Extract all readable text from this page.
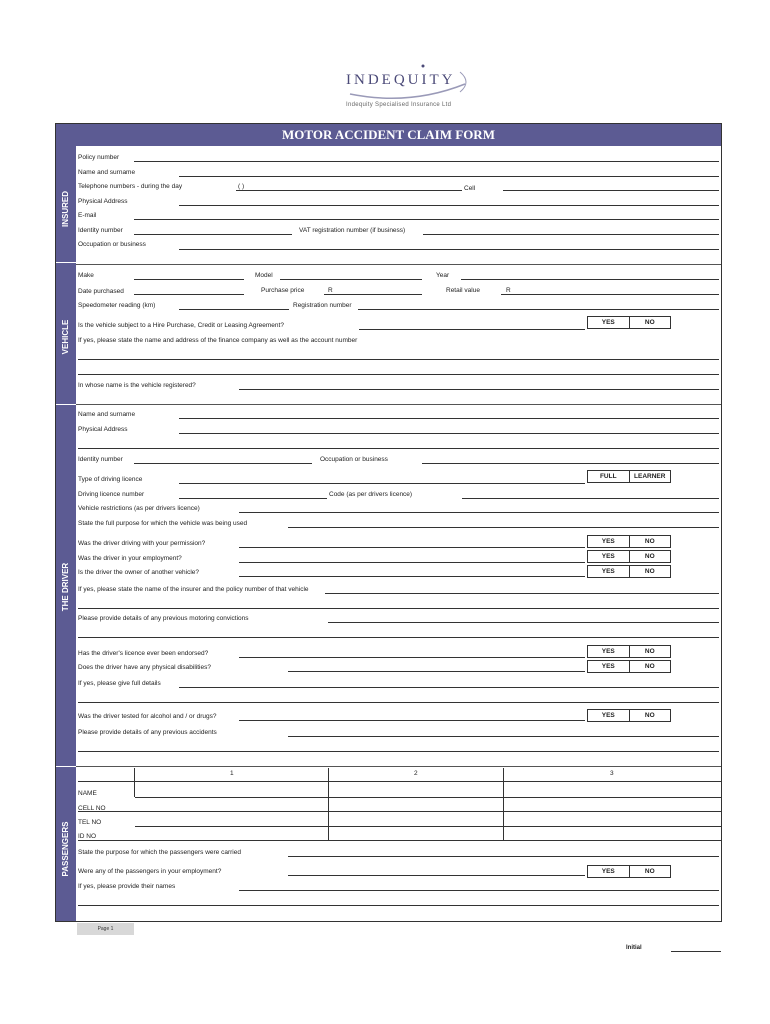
INDEQUITY
Indequity Specialised Insurance Ltd
MOTOR ACCIDENT CLAIM FORM
INSURED
VEHICLE
THE DRIVER
PASSENGERS
Policy number
Name and surname
Telephone numbers - during the day	( )	Cell
Physical Address
E-mail
Identity number	VAT registration number (if business)
Occupation or business
Make	Model	Year
Date purchased	Purchase price	R	Retail value	R
Speedometer reading (km)	Registration number
Is the vehicle subject to a Hire Purchase, Credit or Leasing Agreement?	YES	NO
If yes, please state the name and address of the finance company as well as the account number
In whose name is the vehicle registered?
Name and surname
Physical Address
Identity number	Occupation or business
Type of driving licence	FULL	LEARNER
Driving licence number	Code (as per drivers licence)
Vehicle restrictions (as per drivers licence)
State the full purpose for which the vehicle was being used
Was the driver driving with your permission?	YES	NO
Was the driver in your employment?	YES	NO
Is the driver the owner of another vehicle?	YES	NO
If yes, please state the name of the insurer and the policy number of that vehicle
Please provide details of any previous motoring convictions
Has the driver's licence ever been endorsed?	YES	NO
Does the driver have any physical disabilities?	YES	NO
If yes, please give full details
Was the driver tested for alcohol and / or drugs?	YES	NO
Please provide details of any previous accidents
1	2	3
NAME
CELL NO
TEL NO
ID NO
State the purpose for which the passengers were carried
Were any of the passengers in your employment?	YES	NO
If yes, please provide their names
Page 1
Initial
